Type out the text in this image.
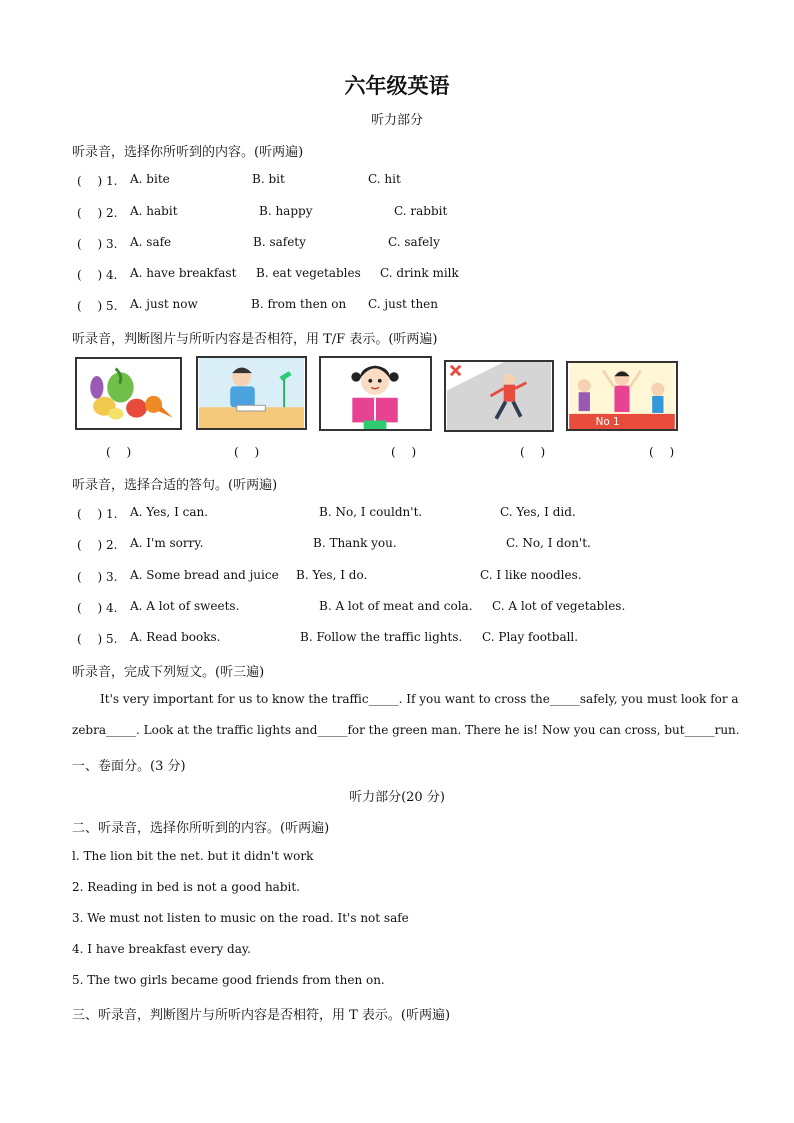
六年级英语
听力部分
听录音，选择你所听到的内容。(听两遍)
(　 ) 1. A. bite	B. bit	C. hit
(　 ) 2. A. habit	B. happy	C. rabbit
(　 ) 3. A. safe	B. safety	C. safely
(　 ) 4. A. have breakfast B. eat vegetables C. drink milk
(　 ) 5. A. just now	B. from then on C. just then
听录音，判断图片与所听内容是否相符，用 T/F 表示。(听两遍)
No 1
(　 )	(　 )	(　 )	(　 )	(　 )
听录音，选择合适的答句。(听两遍)
(　 ) 1. A. Yes, I can.	B. No, I couldn't.	C. Yes, I did.
(　 ) 2. A. I'm sorry.	B. Thank you.	C. No, I don't.
(　 ) 3. A. Some bread and juice B. Yes, I do.	C. I like noodles.
(　 ) 4. A. A lot of sweets.	B. A lot of meat and cola. C. A lot of vegetables.
(　 ) 5. A. Read books.	B. Follow the traffic lights. C. Play football.
听录音，完成下列短文。(听三遍)
It's very important for us to know the traffic_____. If you want to cross the_____safely, you must look for a
zebra_____. Look at the traffic lights and_____for the green man. There he is! Now you can cross, but_____run.
一、卷面分。(3 分)
听力部分(20 分)
二、听录音，选择你所听到的内容。(听两遍)
l. The lion bit the net. but it didn't work
2. Reading in bed is not a good habit.
3. We must not listen to music on the road. It's not safe
4. I have breakfast every day.
5. The two girls became good friends from then on.
三、听录音，判断图片与所听内容是否相符，用 T 表示。(听两遍)
